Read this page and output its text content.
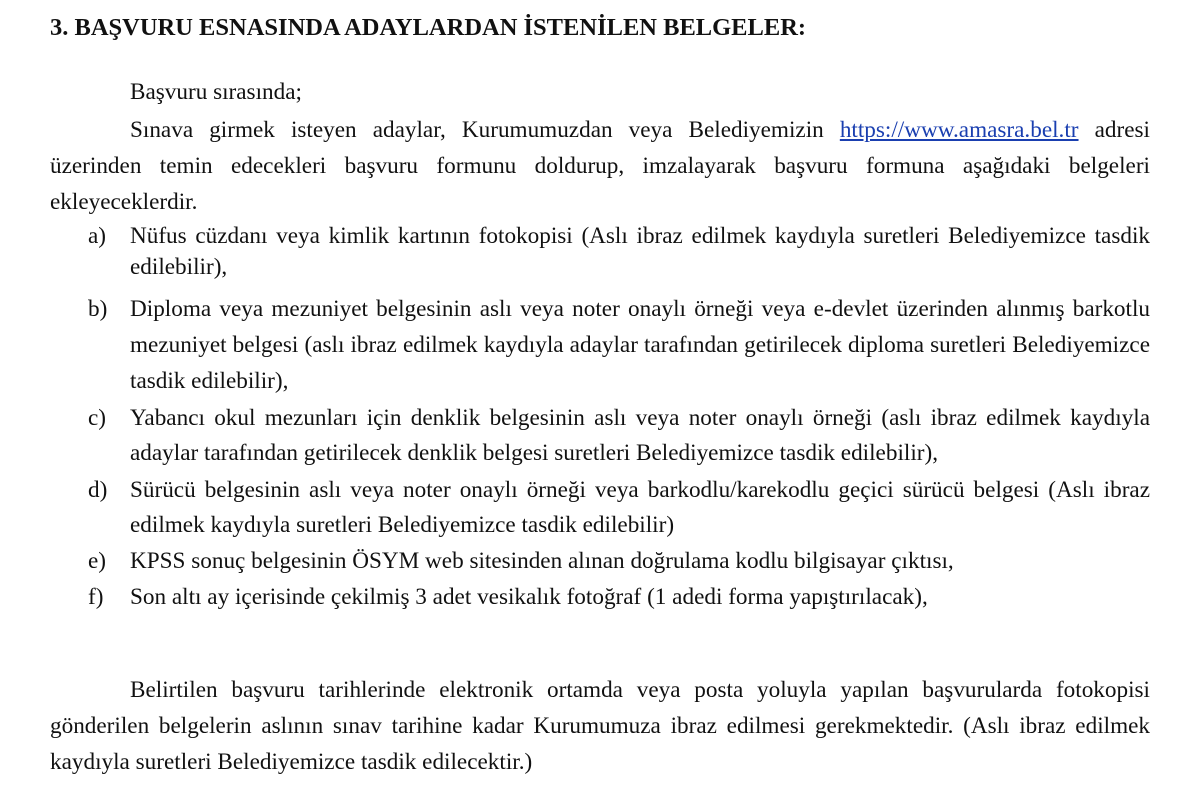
3. BAŞVURU ESNASINDA ADAYLARDAN İSTENİLEN BELGELER:
Başvuru sırasında;

Sınava girmek isteyen adaylar, Kurumumuzdan veya Belediyemizin https://www.amasra.bel.tr adresi üzerinden temin edecekleri başvuru formunu doldurup, imzalayarak başvuru formuna aşağıdaki belgeleri ekleyeceklerdir.

a) Nüfus cüzdanı veya kimlik kartının fotokopisi (Aslı ibraz edilmek kaydıyla suretleri Belediyemizce tasdik edilebilir),
b) Diploma veya mezuniyet belgesinin aslı veya noter onaylı örneği veya e-devlet üzerinden alınmış barkotlu mezuniyet belgesi (aslı ibraz edilmek kaydıyla adaylar tarafından getirilecek diploma suretleri Belediyemizce tasdik edilebilir),
c) Yabancı okul mezunları için denklik belgesinin aslı veya noter onaylı örneği (aslı ibraz edilmek kaydıyla adaylar tarafından getirilecek denklik belgesi suretleri Belediyemizce tasdik edilebilir),
d) Sürücü belgesinin aslı veya noter onaylı örneği veya barkodlu/karekodlu geçici sürücü belgesi (Aslı ibraz edilmek kaydıyla suretleri Belediyemizce tasdik edilebilir)
e) KPSS sonuç belgesinin ÖSYM web sitesinden alınan doğrulama kodlu bilgisayar çıktısı,
f) Son altı ay içerisinde çekilmiş 3 adet vesikalık fotoğraf (1 adedi forma yapıştırılacak),

Belirtilen başvuru tarihlerinde elektronik ortamda veya posta yoluyla yapılan başvurularda fotokopisi gönderilen belgelerin aslının sınav tarihine kadar Kurumumuza ibraz edilmesi gerekmektedir. (Aslı ibraz edilmek kaydıyla suretleri Belediyemizce tasdik edilecektir.)
